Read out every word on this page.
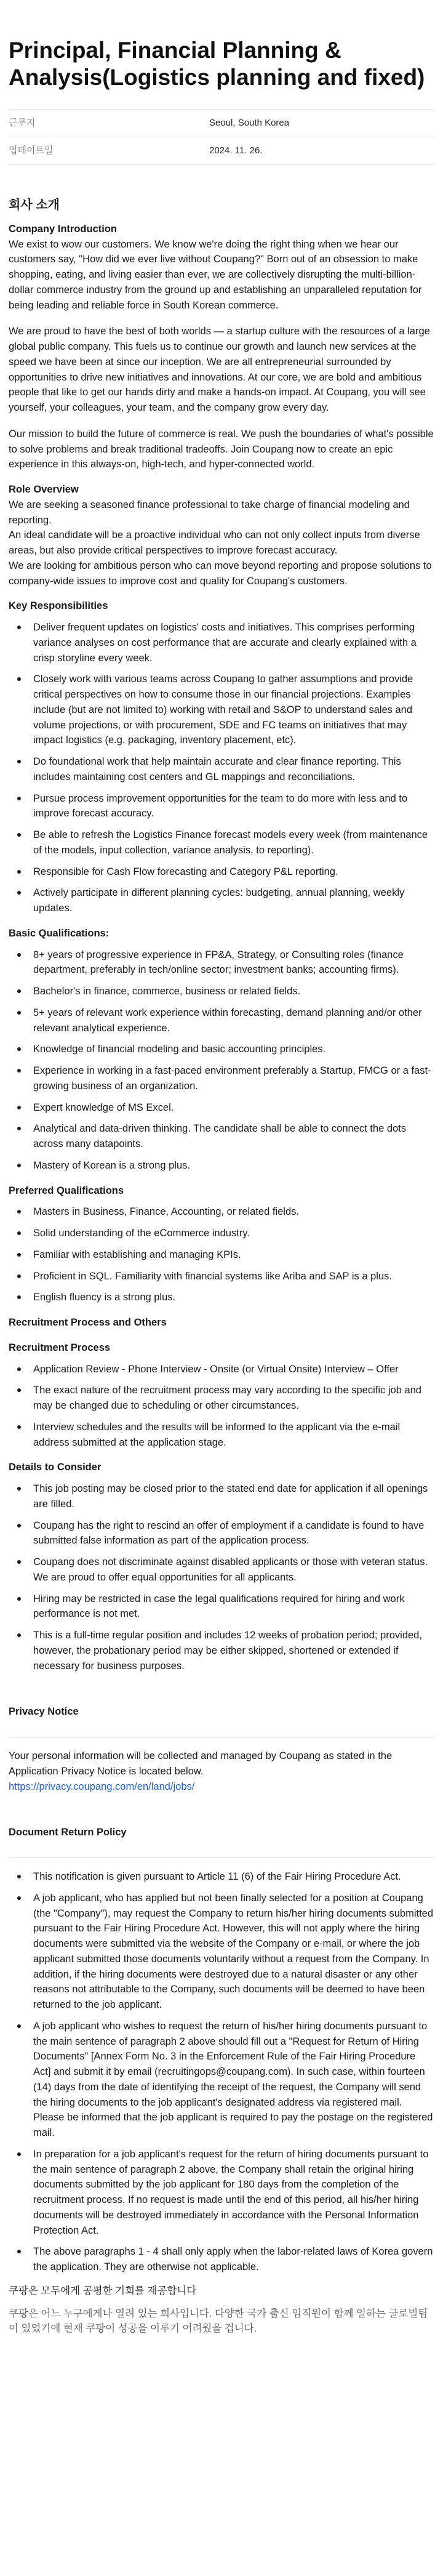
Principal, Financial Planning & Analysis(Logistics planning and fixed)
근무지	Seoul, South Korea
업데이트일	2024. 11. 26.
회사 소개
Company Introduction

We exist to wow our customers. We know we're doing the right thing when we hear our customers say, "How did we ever live without Coupang?" Born out of an obsession to make shopping, eating, and living easier than ever, we are collectively disrupting the multi-billion-dollar commerce industry from the ground up and establishing an unparalleled reputation for being leading and reliable force in South Korean commerce.

We are proud to have the best of both worlds — a startup culture with the resources of a large global public company. This fuels us to continue our growth and launch new services at the speed we have been at since our inception. We are all entrepreneurial surrounded by opportunities to drive new initiatives and innovations. At our core, we are bold and ambitious people that like to get our hands dirty and make a hands-on impact. At Coupang, you will see yourself, your colleagues, your team, and the company grow every day.

Our mission to build the future of commerce is real. We push the boundaries of what's possible to solve problems and break traditional tradeoffs. Join Coupang now to create an epic experience in this always-on, high-tech, and hyper-connected world.

Role Overview

We are seeking a seasoned finance professional to take charge of financial modeling and reporting.

An ideal candidate will be a proactive individual who can not only collect inputs from diverse areas, but also provide critical perspectives to improve forecast accuracy.

We are looking for ambitious person who can move beyond reporting and propose solutions to company-wide issues to improve cost and quality for Coupang's customers.

Key Responsibilities
Deliver frequent updates on logistics' costs and initiatives. This comprises performing variance analyses on cost performance that are accurate and clearly explained with a crisp storyline every week.
Closely work with various teams across Coupang to gather assumptions and provide critical perspectives on how to consume those in our financial projections. Examples include (but are not limited to) working with retail and S&OP to understand sales and volume projections, or with procurement, SDE and FC teams on initiatives that may impact logistics (e.g. packaging, inventory placement, etc).
Do foundational work that help maintain accurate and clear finance reporting. This includes maintaining cost centers and GL mappings and reconciliations.
Pursue process improvement opportunities for the team to do more with less and to improve forecast accuracy.
Be able to refresh the Logistics Finance forecast models every week (from maintenance of the models, input collection, variance analysis, to reporting).
Responsible for Cash Flow forecasting and Category P&L reporting.
Actively participate in different planning cycles: budgeting, annual planning, weekly updates.
Basic Qualifications:
8+ years of progressive experience in FP&A, Strategy, or Consulting roles (finance department, preferably in tech/online sector; investment banks; accounting firms).
Bachelor's in finance, commerce, business or related fields.
5+ years of relevant work experience within forecasting, demand planning and/or other relevant analytical experience.
Knowledge of financial modeling and basic accounting principles.
Experience in working in a fast-paced environment preferably a Startup, FMCG or a fast-growing business of an organization.
Expert knowledge of MS Excel.
Analytical and data-driven thinking. The candidate shall be able to connect the dots across many datapoints.
Mastery of Korean is a strong plus.
Preferred Qualifications
Masters in Business, Finance, Accounting, or related fields.
Solid understanding of the eCommerce industry.
Familiar with establishing and managing KPIs.
Proficient in SQL. Familiarity with financial systems like Ariba and SAP is a plus.
English fluency is a strong plus.
Recruitment Process and Others
Recruitment Process
Application Review - Phone Interview - Onsite (or Virtual Onsite) Interview – Offer
The exact nature of the recruitment process may vary according to the specific job and may be changed due to scheduling or other circumstances.
Interview schedules and the results will be informed to the applicant via the e-mail address submitted at the application stage.
Details to Consider
This job posting may be closed prior to the stated end date for application if all openings are filled.
Coupang has the right to rescind an offer of employment if a candidate is found to have submitted false information as part of the application process.
Coupang does not discriminate against disabled applicants or those with veteran status. We are proud to offer equal opportunities for all applicants.
Hiring may be restricted in case the legal qualifications required for hiring and work performance is not met.
This is a full-time regular position and includes 12 weeks of probation period; provided, however, the probationary period may be either skipped, shortened or extended if necessary for business purposes.
Privacy Notice

Your personal information will be collected and managed by Coupang as stated in the Application Privacy Notice is located below.

https://privacy.coupang.com/en/land/jobs/
Document Return Policy
This notification is given pursuant to Article 11 (6) of the Fair Hiring Procedure Act.
A job applicant, who has applied but not been finally selected for a position at Coupang (the "Company"), may request the Company to return his/her hiring documents submitted pursuant to the Fair Hiring Procedure Act. However, this will not apply where the hiring documents were submitted via the website of the Company or e-mail, or where the job applicant submitted those documents voluntarily without a request from the Company. In addition, if the hiring documents were destroyed due to a natural disaster or any other reasons not attributable to the Company, such documents will be deemed to have been returned to the job applicant.
A job applicant who wishes to request the return of his/her hiring documents pursuant to the main sentence of paragraph 2 above should fill out a "Request for Return of Hiring Documents" [Annex Form No. 3 in the Enforcement Rule of the Fair Hiring Procedure Act] and submit it by email (recruitingops@coupang.com). In such case, within fourteen (14) days from the date of identifying the receipt of the request, the Company will send the hiring documents to the job applicant's designated address via registered mail. Please be informed that the job applicant is required to pay the postage on the registered mail.
In preparation for a job applicant's request for the return of hiring documents pursuant to the main sentence of paragraph 2 above, the Company shall retain the original hiring documents submitted by the job applicant for 180 days from the completion of the recruitment process. If no request is made until the end of this period, all his/her hiring documents will be destroyed immediately in accordance with the Personal Information Protection Act.
The above paragraphs 1 - 4 shall only apply when the labor-related laws of Korea govern the application. They are otherwise not applicable.

쿠팡은 모두에게 공평한 기회를 제공합니다

쿠팡은 어느 누구에게나 열려 있는 회사입니다. 다양한 국가 출신 임직원이 함께 일하는 글로벌팀이 있었기에 현재 쿠팡이 성공을 이루기 어려웠을 겁니다.
